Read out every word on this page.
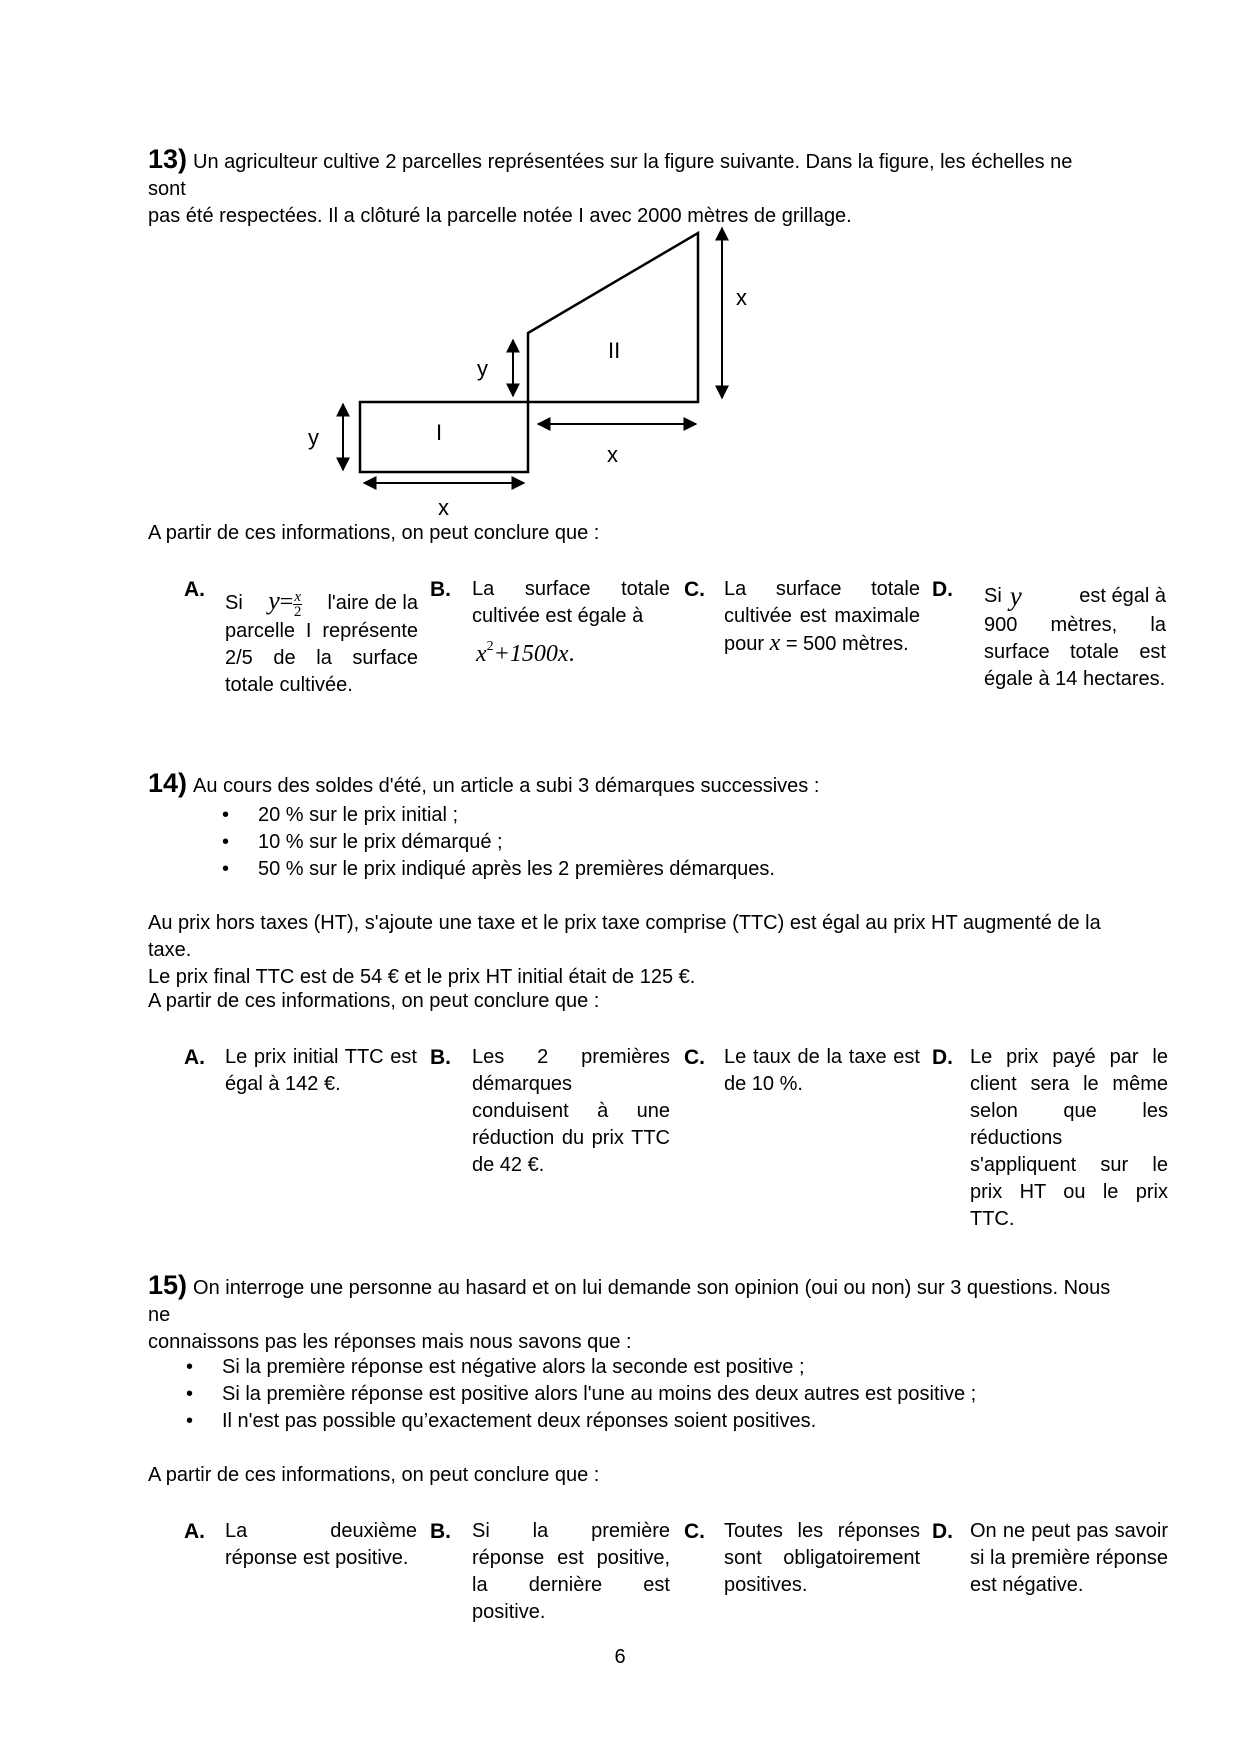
13) Un agriculteur cultive 2 parcelles représentées sur la figure suivante. Dans la figure, les échelles ne sont
pas été respectées. Il a clôturé la parcelle notée I avec 2000 mètres de grillage.
x
II
y
I
y
x
x
A partir de ces informations, on peut conclure que :
A.
Si $y= \frac{x}{2}$ l'aire de la
parcelle I représente 2/5 de la surface totale cultivée.
B. La surface totale cultivée est égale à
$x^2+1500x$.
C. La surface totale cultivée est maximale pour x = 500 mètres.
D. Si y	est égal à
900 mètres, la surface totale est égale à 14 hectares.
14) Au cours des soldes d'été, un article a subi 3 démarques successives :
• 20 % sur le prix initial ;
• 10 % sur le prix démarqué ;
• 50 % sur le prix indiqué après les 2 premières démarques.
Au prix hors taxes (HT), s'ajoute une taxe et le prix taxe comprise (TTC) est égal au prix HT augmenté de la taxe.
Le prix final TTC est de 54 € et le prix HT initial était de 125 €.
A partir de ces informations, on peut conclure que :
A. Le prix initial TTC est égal à 142 €.
B. Les 2 premières démarques conduisent à une réduction du prix TTC de 42 €.
C. Le taux de la taxe est de 10 %.
D. Le prix payé par le client sera le même selon que les réductions s'appliquent sur le prix HT ou le prix TTC.
15) On interroge une personne au hasard et on lui demande son opinion (oui ou non) sur 3 questions. Nous ne
connaissons pas les réponses mais nous savons que :
• Si la première réponse est négative alors la seconde est positive ;
• Si la première réponse est positive alors l'une au moins des deux autres est positive ;
• Il n'est pas possible qu’exactement deux réponses soient positives.
A partir de ces informations, on peut conclure que :
A. La deuxième réponse est positive.
B. Si la première réponse est positive, la dernière est positive.
C. Toutes les réponses sont obligatoirement positives.
D. On ne peut pas savoir si la première réponse est négative.
6
